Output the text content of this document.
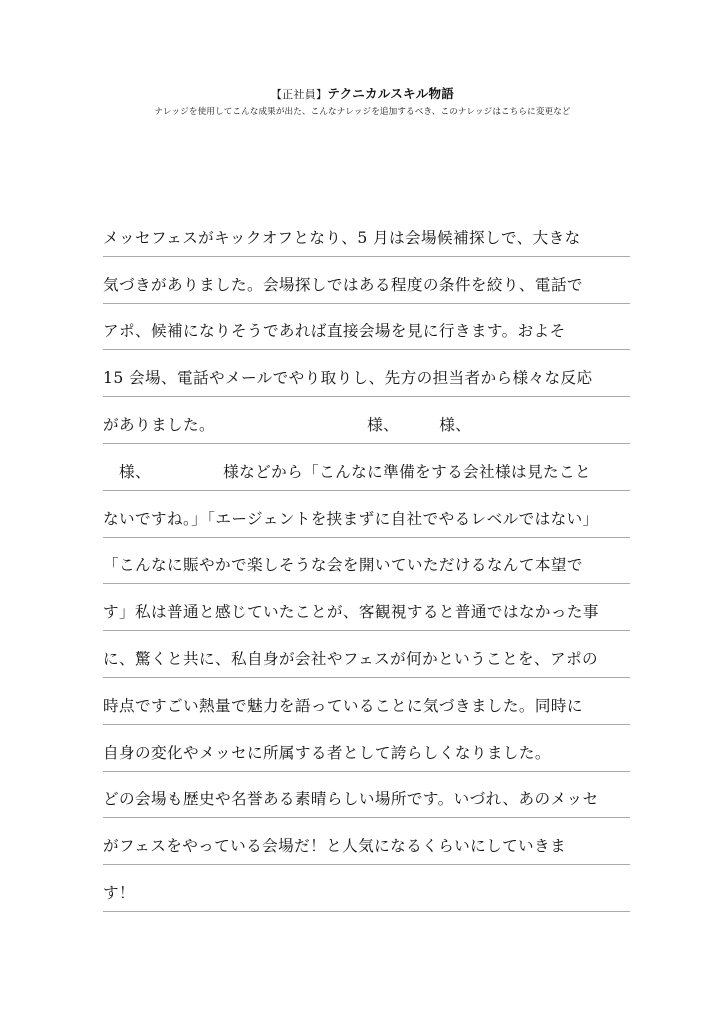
【正社員】テクニカルスキル物語
ナレッジを使用してこんな成果が出た、こんなナレッジを追加するべき、このナレッジはこちらに変更など
メッセフェスがキックオフとなり、5 月は会場候補探しで、大きな
気づきがありました。会場探しではある程度の条件を絞り、電話で
アポ、候補になりそうであれば直接会場を見に行きます。およそ
15 会場、電話やメールでやり取りし、先方の担当者から様々な反応
がありました。　　　　　　　　　　様、　　　様、
　様、　　　　　様などから「こんなに準備をする会社様は見たこと
ないですね。」「エージェントを挟まずに自社でやるレベルではない」
「こんなに賑やかで楽しそうな会を開いていただけるなんて本望で
す」私は普通と感じていたことが、客観視すると普通ではなかった事
に、驚くと共に、私自身が会社やフェスが何かということを、アポの
時点ですごい熱量で魅力を語っていることに気づきました。同時に
自身の変化やメッセに所属する者として誇らしくなりました。
どの会場も歴史や名誉ある素晴らしい場所です。いづれ、あのメッセ
がフェスをやっている会場だ！と人気になるくらいにしていきま
す！
